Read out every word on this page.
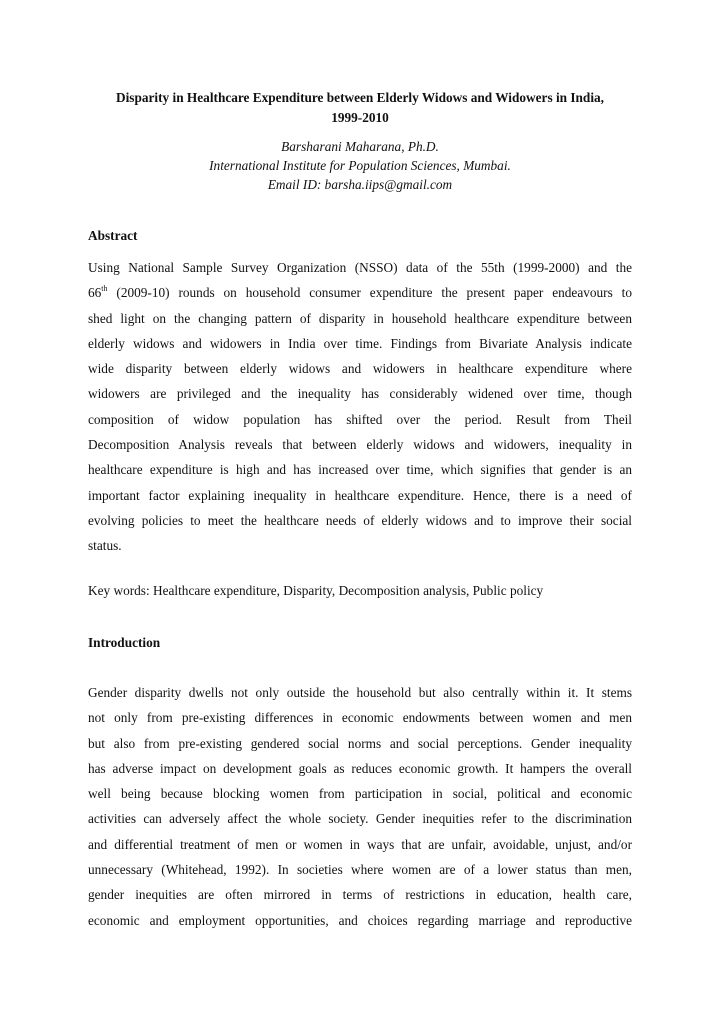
Disparity in Healthcare Expenditure between Elderly Widows and Widowers in India,
1999-2010
Barsharani Maharana, Ph.D.
International Institute for Population Sciences, Mumbai.
Email ID: barsha.iips@gmail.com
Abstract
Using National Sample Survey Organization (NSSO) data of the 55th (1999-2000) and the
66th (2009-10) rounds on household consumer expenditure the present paper endeavours to
shed light on the changing pattern of disparity in household healthcare expenditure between
elderly widows and widowers in India over time. Findings from Bivariate Analysis indicate
wide disparity between elderly widows and widowers in healthcare expenditure where
widowers are privileged and the inequality has considerably widened over time, though
composition of widow population has shifted over the period. Result from Theil
Decomposition Analysis reveals that between elderly widows and widowers, inequality in
healthcare expenditure is high and has increased over time, which signifies that gender is an
important factor explaining inequality in healthcare expenditure. Hence, there is a need of
evolving policies to meet the healthcare needs of elderly widows and to improve their social
status.
Key words: Healthcare expenditure, Disparity, Decomposition analysis, Public policy
Introduction
Gender disparity dwells not only outside the household but also centrally within it. It stems
not only from pre-existing differences in economic endowments between women and men
but also from pre-existing gendered social norms and social perceptions. Gender inequality
has adverse impact on development goals as reduces economic growth. It hampers the overall
well being because blocking women from participation in social, political and economic
activities can adversely affect the whole society. Gender inequities refer to the discrimination
and differential treatment of men or women in ways that are unfair, avoidable, unjust, and/or
unnecessary (Whitehead, 1992). In societies where women are of a lower status than men,
gender inequities are often mirrored in terms of restrictions in education, health care,
economic and employment opportunities, and choices regarding marriage and reproductive
